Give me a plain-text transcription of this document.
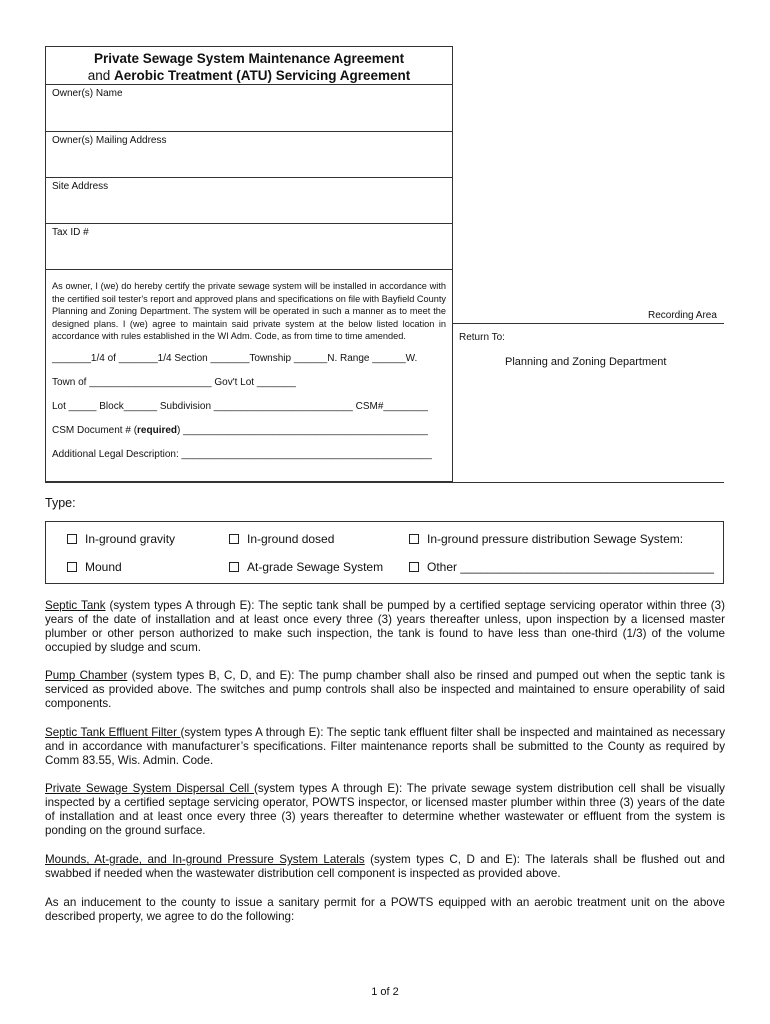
Private Sewage System Maintenance Agreement
and Aerobic Treatment (ATU) Servicing Agreement
Owner(s) Name
Owner(s) Mailing Address
Site Address
Tax ID #
As owner, I (we) do hereby certify the private sewage system will be installed in accordance with the certified soil tester's report and approved plans and specifications on file with Bayfield County Planning and Zoning Department. The system will be operated in such a manner as to meet the designed plans. I (we) agree to maintain said private system at the below listed location in accordance with rules established in the WI Adm. Code, as from time to time amended.
_______1/4 of _______1/4 Section _______Township ______N. Range ______W.
Town of ______________________ Gov't Lot _______
Lot _____ Block______ Subdivision _________________________ CSM#________
CSM Document # (required) ____________________________________________
Additional Legal Description: _____________________________________________
Recording Area
Return To:
Planning and Zoning Department
Type:
In-ground gravity	In-ground dosed	In-ground pressure distribution Sewage System:
Mound	At-grade Sewage System	Other ______________________________________
Septic Tank (system types A through E): The septic tank shall be pumped by a certified septage servicing operator within three (3) years of the date of installation and at least once every three (3) years thereafter unless, upon inspection by a licensed master plumber or other person authorized to make such inspection, the tank is found to have less than one-third (1/3) of the volume occupied by sludge and scum.
Pump Chamber (system types B, C, D, and E): The pump chamber shall also be rinsed and pumped out when the septic tank is serviced as provided above. The switches and pump controls shall also be inspected and maintained to ensure operability of said components.
Septic Tank Effluent Filter (system types A through E): The septic tank effluent filter shall be inspected and maintained as necessary and in accordance with manufacturer’s specifications. Filter maintenance reports shall be submitted to the County as required by Comm 83.55, Wis. Admin. Code.
Private Sewage System Dispersal Cell (system types A through E): The private sewage system distribution cell shall be visually inspected by a certified septage servicing operator, POWTS inspector, or licensed master plumber within three (3) years of the date of installation and at least once every three (3) years thereafter to determine whether wastewater or effluent from the system is ponding on the ground surface.
Mounds, At-grade, and In-ground Pressure System Laterals (system types C, D and E): The laterals shall be flushed out and swabbed if needed when the wastewater distribution cell component is inspected as provided above.
As an inducement to the county to issue a sanitary permit for a POWTS equipped with an aerobic treatment unit on the above described property, we agree to do the following:
1 of 2
